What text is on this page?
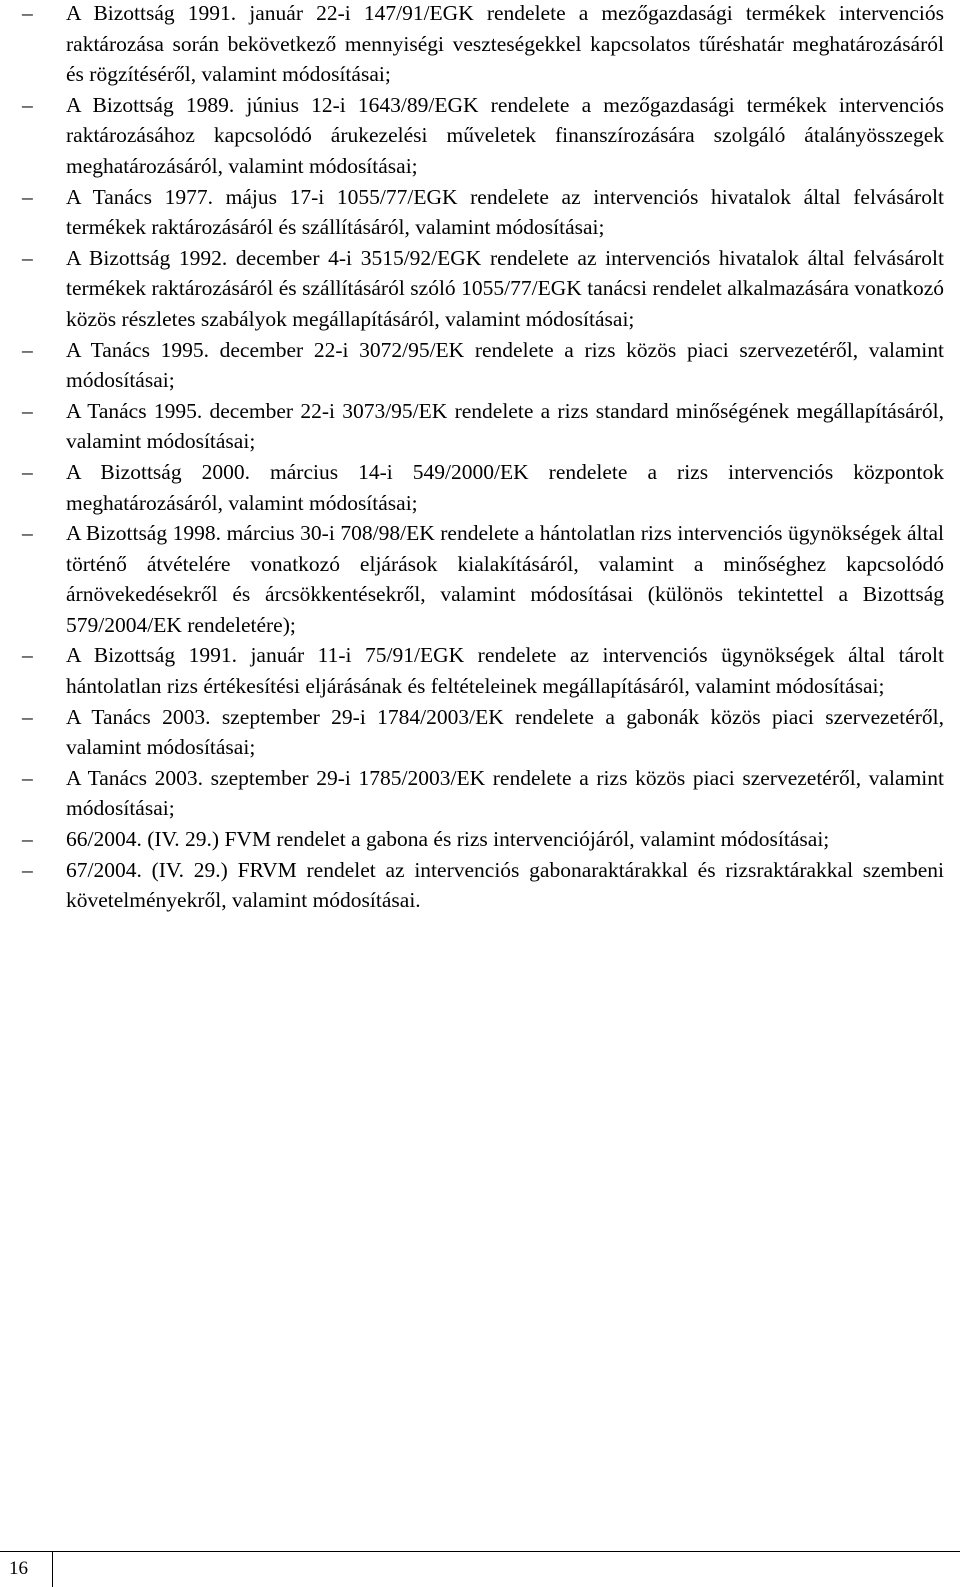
–	A Bizottság 1991. január 22-i 147/91/EGK rendelete a mezőgazdasági termékek intervenciós raktározása során bekövetkező mennyiségi veszteségekkel kapcsolatos tűréshatár meghatározásáról és rögzítéséről, valamint módosításai;
–	A Bizottság 1989. június 12-i 1643/89/EGK rendelete a mezőgazdasági termékek intervenciós raktározásához kapcsolódó árukezelési műveletek finanszírozására szolgáló átalányösszegek meghatározásáról, valamint módosításai;
–	A Tanács 1977. május 17-i 1055/77/EGK rendelete az intervenciós hivatalok által felvásárolt termékek raktározásáról és szállításáról, valamint módosításai;
–	A Bizottság 1992. december 4-i 3515/92/EGK rendelete az intervenciós hivatalok által felvásárolt termékek raktározásáról és szállításáról szóló 1055/77/EGK tanácsi rendelet alkalmazására vonatkozó közös részletes szabályok megállapításáról, valamint módosításai;
–	A Tanács 1995. december 22-i 3072/95/EK rendelete a rizs közös piaci szervezetéről, valamint módosításai;
–	A Tanács 1995. december 22-i 3073/95/EK rendelete a rizs standard minőségének megállapításáról, valamint módosításai;
–	A Bizottság 2000. március 14-i 549/2000/EK rendelete a rizs intervenciós központok meghatározásáról, valamint módosításai;
–	A Bizottság 1998. március 30-i 708/98/EK rendelete a hántolatlan rizs intervenciós ügynökségek által történő átvételére vonatkozó eljárások kialakításáról, valamint a minőséghez kapcsolódó árnövekedésekről és árcsökkentésekről, valamint módosításai (különös tekintettel a Bizottság 579/2004/EK rendeletére);
–	A Bizottság 1991. január 11-i 75/91/EGK rendelete az intervenciós ügynökségek által tárolt hántolatlan rizs értékesítési eljárásának és feltételeinek megállapításáról, valamint módosításai;
–	A Tanács 2003. szeptember 29-i 1784/2003/EK rendelete a gabonák közös piaci szervezetéről, valamint módosításai;
–	A Tanács 2003. szeptember 29-i 1785/2003/EK rendelete a rizs közös piaci szervezetéről, valamint módosításai;
–	66/2004. (IV. 29.) FVM rendelet a gabona és rizs intervenciójáról, valamint módosításai;
–	67/2004. (IV. 29.) FRVM rendelet az intervenciós gabonaraktárakkal és rizsraktárakkal szembeni követelményekről, valamint módosításai.
16
